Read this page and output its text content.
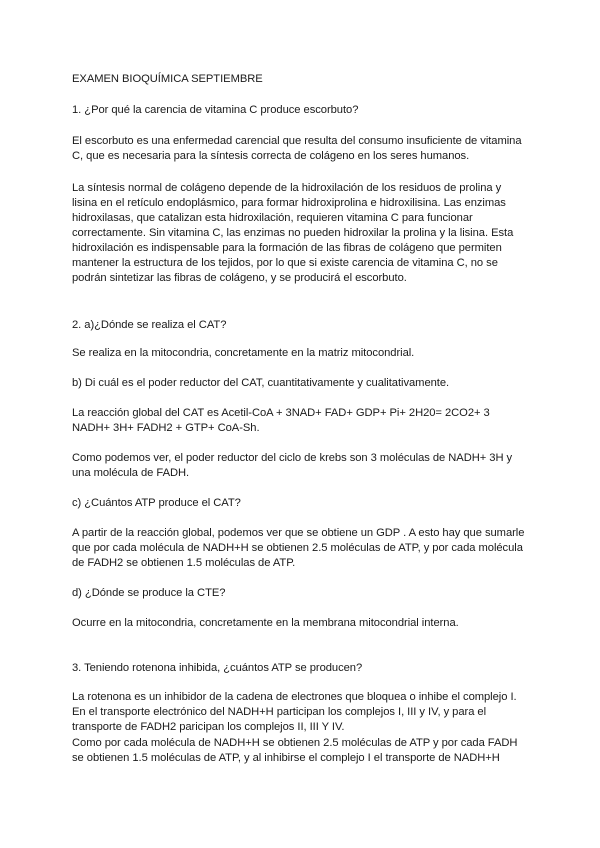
EXAMEN BIOQUÍMICA SEPTIEMBRE
1. ¿Por qué la carencia de vitamina C produce escorbuto?
El escorbuto es una enfermedad carencial que resulta del consumo insuficiente de vitamina
C, que es necesaria para la síntesis correcta de colágeno en los seres humanos.
La síntesis normal de colágeno depende de la hidroxilación de los residuos de prolina y
lisina en el retículo endoplásmico, para formar hidroxiprolina e hidroxilisina. Las enzimas
hidroxilasas, que catalizan esta hidroxilación, requieren vitamina C para funcionar
correctamente. Sin vitamina C, las enzimas no pueden hidroxilar la prolina y la lisina. Esta
hidroxilación es indispensable para la formación de las fibras de colágeno que permiten
mantener la estructura de los tejidos, por lo que si existe carencia de vitamina C, no se
podrán sintetizar las fibras de colágeno, y se producirá el escorbuto.
2. a)¿Dónde se realiza el CAT?
Se realiza en la mitocondria, concretamente en la matriz mitocondrial.
b) Di cuál es el poder reductor del CAT, cuantitativamente y cualitativamente.
La reacción global del CAT es Acetil-CoA + 3NAD+ FAD+ GDP+ Pi+ 2H20= 2CO2+ 3
NADH+ 3H+ FADH2 + GTP+ CoA-Sh.
Como podemos ver, el poder reductor del ciclo de krebs son 3 moléculas de NADH+ 3H y
una molécula de FADH.
c) ¿Cuántos ATP produce el CAT?
A partir de la reacción global, podemos ver que se obtiene un GDP . A esto hay que sumarle
que por cada molécula de NADH+H se obtienen 2.5 moléculas de ATP, y por cada molécula
de FADH2 se obtienen 1.5 moléculas de ATP.
d) ¿Dónde se produce la CTE?
Ocurre en la mitocondria, concretamente en la membrana mitocondrial interna.
3. Teniendo rotenona inhibida, ¿cuántos ATP se producen?
La rotenona es un inhibidor de la cadena de electrones que bloquea o inhibe el complejo I.
En el transporte electrónico del NADH+H participan los complejos I, III y IV, y para el
transporte de FADH2 paricipan los complejos II, III Y IV.
Como por cada molécula de NADH+H se obtienen 2.5 moléculas de ATP y por cada FADH
se obtienen 1.5 moléculas de ATP, y al inhibirse el complejo I el transporte de NADH+H
